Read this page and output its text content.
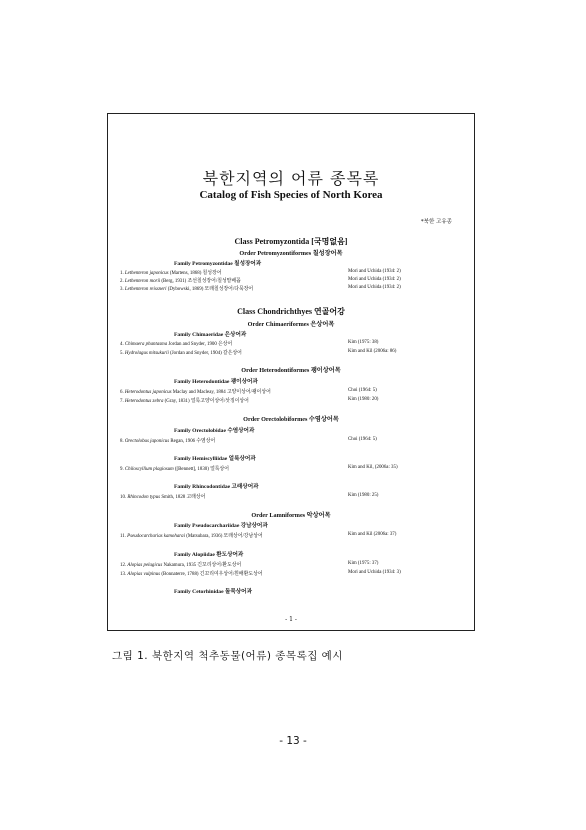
북한지역의 어류 종목록
Catalog of Fish Species of North Korea
*북한 고유종
Class Petromyzontida [국명없음]
Order Petromyzontiformes 칠성장어목
Family Petromyzontidae 칠성장어과
1. Lethenteron japonicus (Martens, 1868) 칠성장어	Mori and Uchida (1934: 2)
2. Lethenteron morii (Berg, 1931) 조선칠성장어/칠성말배꼽	Mori and Uchida (1934: 2)
3. Lethenteron reissneri (Dybowski, 1869) 모래칠성장어/다묵장어	Mori and Uchida (1934: 2)
Class Chondrichthyes 연골어강
Order Chimaeriformes 은상어목
Family Chimaeridae 은상어과
4. Chimaera phantasma Jordan and Snyder, 1900 은상어	Kim (1975: 38)
5. Hydrolagus mitsukurii (Jordan and Snyder, 1904) 갈은상어	Kim and Kil (2006a: 86)
Order Heterodontiformes 괭이상어목
Family Heterodontidae 괭이상어과
6. Heterodontus japonicus Maclay and Macleay, 1884 고양이상어/괭이상어	Choi (1964: 5)
7. Heterodontus zebra (Gray, 1831) 얼룩고양이상어/삿징이상어	Kim (1980: 20)
Order Orectolobiformes 수염상어목
Family Orectolobidae 수염상어과
8. Orectolobus japonicus Regan, 1906 수염상어	Choi (1964: 5)
Family Hemiscylliidae 얼룩상어과
9. Chiloscyllium plagiosum ([Bennett], 1830) 얼룩상어	Kim and Kil, (2006a: 35)
Family Rhincodontidae 고래상어과
10. Rhincodon typus Smith, 1828 고래상어	Kim (1980: 25)
Order Lamniformes 악상어목
Family Pseudocarchariidae 강남상어과
11. Pseudocarcharias kamoharai (Matsubara, 1936) 모래상어/강남상어	Kim and Kil (2006a: 37)
Family Alopiidae 환도상어과
12. Alopias pelagicus Nakamura, 1935 긴꼬리상어/환도상어	Kim (1975: 37)
13. Alopias vulpinus (Bonnaterre, 1788) 긴꼬리여우상어/흰배환도상어	Mori and Uchida (1934: 3)
Family Cetorhinidae 돌묵상어과
- 1 -
그림 1. 북한지역 척추동물(어류) 종목록집 예시
- 13 -
